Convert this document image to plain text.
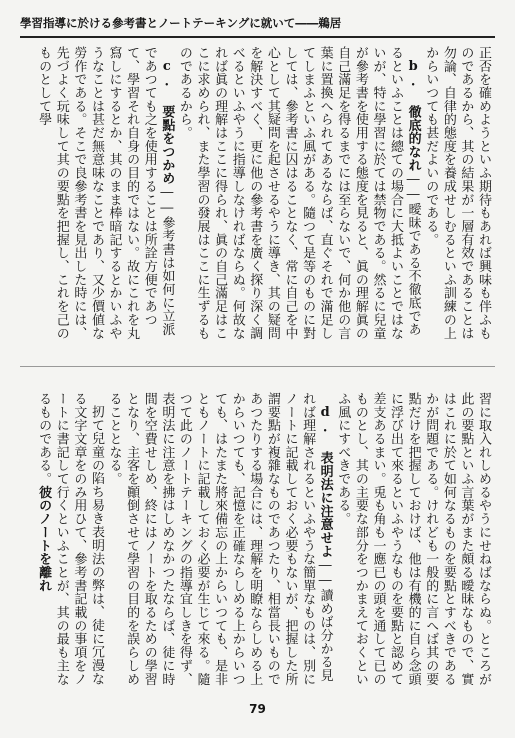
學習指導に於ける參考書とノートテーキングに就いて――鵜居

正否を確めようといふ期待もあれば興味も伴ふものであるから、其の結果が一層有效であることは勿論、自律的態度を養成せしむるといふ訓練の上からいつても甚だよいのである。

b. 徹底的なれ――曖昧である不徹底であるといふことは總ての場合に大抵よいことではないが、特に學習に於ては禁物である。然るに兒童が參考書を使用する態度を見ると、眞の理解眞の自己滿足を得るまでには至らないで、何か他の言葉に置換へられてあるならば、直ぐそれで滿足してしまふといふ風がある。隨つて是等のものに對しては、參考書に囚はることなく、常に自己を中心として其疑問を起させるやうに導き、其の疑問を解決すべく、更に他の參考書を廣く探り深く調べるといふやうに指導しなければならぬ。何故なれば眞の理解はここに得られ、眞の自己滿足はここに求められ、また學習の發展はここに生ずるものであるから。

c. 要點をつかめ――參考書は如何に立派であつても之を使用することは所詮方便であつて、學習それ自身の目的ではない。故にこれを丸寫しにするとか、其のまま棒暗記するとかいふやうなことは甚だ無意味なことであり、又少價値な勞作である。そこで良參考書を見出した時には、先づよく玩味して其の要點を把握し、これを己のものとして學

習に取入れしめるやうにせねばならぬ。ところが此の要點といふ言葉がまた頗る曖昧なもので、實はこれに於て如何なるものを要點とすべきであるかが問題である。けれども一般的に言へば其の要點だけを把握しておけば、他は有機的に自ら念頭に浮び出て來るといふやうなものを要點と認めて差支あるまい。兎も角も一應已の頭を通して已のものとし、其の主要な部分をつかまえておくといふ風にすべきである。

d. 表明法に注意せよ――讀めば分かる見れば理解されるといふやうな簡單なものは、別にノートに記載しておく必要もないが、把握した所謂要點が複雜なものであつたり、相當長いものであつたりする場合には、理解を明瞭ならしめる上からいつても、記憶を正確ならしめる上からいつても、はたまた將來備忘の上からいつても、是非ともノートに記載しておく必要が生じて來る。隨つて此のノートテーキングの指導宜しきを得ず、表明法に注意を拂はしめなかつたならば、徒に時間を空費せしめ、終にはノートを取るための學習となり、主客を顚倒させて學習の目的を誤らしめることとなる。

扨て兒童の陷ち易き表明法の弊は、徒に冗漫なる文字文章をのみ用ひて、參考書記載の事項をノートに書記して行くといふことが、其の最も主なるものである。彼のノートを離れ

79
